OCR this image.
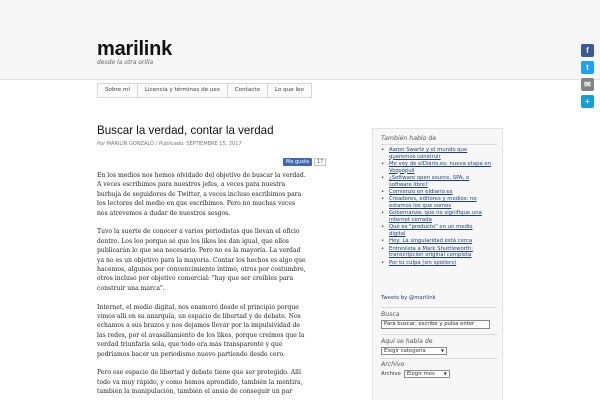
marilink
desde la otra orilla
Sobre mí	Licencia y términos de uso	Contacto	Lo que leo
f
t
✉
+
Buscar la verdad, contar la verdad
Por MARILÍN GONZALO / Publicado: SEPTIEMBRE 15, 2017
Me gusta	17

En los medios nos hemos olvidado del objetivo de buscar la verdad.
A veces escribimos para nuestros jefes, a veces para nuestra
burbuja de seguidores de Twitter, a veces incluso escribimos para
los lectores del medio en que escribimos. Pero no muchas veces
nos atrevemos a dudar de nuestros sesgos.

Tuvo la suerte de conocer a varios periodistas que llevan el oficio
dentro. Los leo porque sé que los likes les dan igual, que ellos
publicarán lo que sea necesario. Pero no es la mayoría. La verdad
ya no es un objetivo para la mayoría. Contar los hechos es algo que
hacemos, algunos por convencimiento íntimo, otros por costumbre,
otros incluso por objetivo comercial: "hay que ser creíbles para
construir una marca".

Internet, el medio digital, nos enamoró desde el principio porque
vimos allí en su anarquía, un espacio de libertad y de debate. Nos
echamos a sus brazos y nos dejamos llevar por la impulsividad de
las redes, por el avasallamiento de los likes, porque creímos que la
verdad triunfaría sola, que todo era más transparente y que
podríamos hacer un periodismo nuevo partiendo desde cero.

Pero ese espacio de libertad y debate tiene que ser protegido. Allí
todo va muy rápido, y como hemos aprendido, también la mentira,
también la manipulación, también el ansia de conseguir un par

También hablo de
• Aaron Swartz y el mundo que
queremos construir
• Me voy de elDiario.es: nueva etapa en
Vozpópuli
• ¿Software open source, SPA, o
software libre?
• Comienzo en eldiario.es
• Creadores, editores y medios: no
estamos los que somos
• Gobernanza: que no signifique una
internet cerrada
• Qué es "producto" en un medio
digital
• Hoy: La singularidad está cerca
• Entrevista a Mark Shuttleworth:
transcripción original completa
• Por tu culpa (sin spoilers)
Tweets by @marilink
Busca
Para buscar, escribe y pulsa enter
Aquí se habla de
Elegir categoría	▼
Archivo
Archivo Elegir mes ▼
